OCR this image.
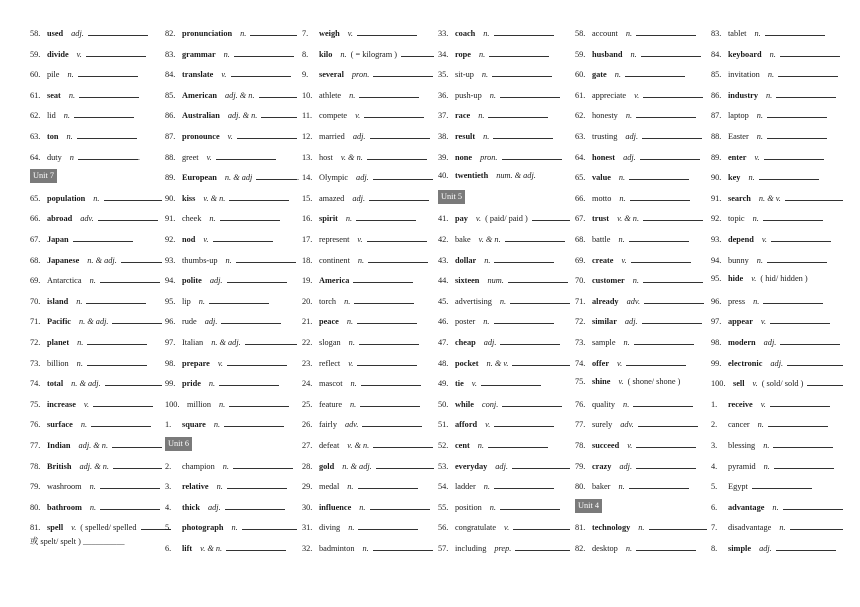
58. used adj.
59. divide v.
60. pile n.
61. seat n.
62. lid n.
63. ton n.
64. duty n	.
Unit 7
65. population n.
66. abroad adv.
67. Japan
68. Japanese n. & adj.
69. Antarctica n.
70. island n.
71. Pacific n. & adj.
72. planet n.
73. billion n.
74. total n. & adj.
75. increase v.
76. surface n.
77. Indian adj. & n.
78. British adj. & n.
79. washroom n.
80. bathroom n.
81. spell v. ( spelled/ spelled
或 spelt/ spelt ) __________
82. pronunciation n.
83. grammar n.
84. translate v.
85. American adj. & n.
86. Australian adj. & n.
87. pronounce v.
88. greet v.
89. European n. & adj	.
90. kiss v. & n.
91. cheek n.
92. nod v.
93. thumbs-up n.
94. polite adj.
95. lip n.
96. rude adj.
97. Italian n. & adj.
98. prepare v.
99. pride n.
100. million n.
1. square n.
Unit 6
2. champion n.
3. relative n.
4. thick adj.
5. photograph n.
6. lift v. & n.
7. weigh v.
8. kilo n. ( = kilogram )
9. several pron.
10. athlete n.
11. compete v.
12. married adj.
13. host v. & n.
14. Olympic adj.
15. amazed adj.
16. spirit n.
17. represent v.
18. continent n.
19. America
20. torch n.
21. peace n.
22. slogan n.
23. reflect v.
24. mascot n.
25. feature n.
26. fairly adv.
27. defeat v. & n.
28. gold n. & adj.
29. medal n.
30. influence n.
31. diving n.
32. badminton n.
33. coach n.
34. rope n.
35. sit-up n.
36. push-up n.
37. race n.
38. result n.
39. none pron.
40. twentieth num. & adj.
Unit 5
41. pay v. ( paid/ paid )
42. bake v. & n.
43. dollar n.
44. sixteen num.
45. advertising n.
46. poster n.
47. cheap adj.
48. pocket n. & v.
49. tie v.
50. while conj.
51. afford v.
52. cent n.
53. everyday adj.
54. ladder n.
55. position n.
56. congratulate v.
57. including prep.
58. account n.
59. husband n.
60. gate n.
61. appreciate v.
62. honesty n.
63. trusting adj.
64. honest adj.
65. value n.
66. motto n.
67. trust v. & n.
68. battle n.
69. create v.
70. customer n.
71. already adv.
72. similar adj.
73. sample n.
74. offer v.
75. shine v. ( shone/ shone )
76. quality n.
77. surely adv.
78. succeed v.
79. crazy adj.
80. baker n.
Unit 4
81. technology n.
82. desktop n.
83. tablet n.
84. keyboard n.
85. invitation n.
86. industry n.
87. laptop n.
88. Easter n.
89. enter v.
90. key n.
91. search n. & v.
92. topic n.
93. depend v.
94. bunny n.
95. hide v. ( hid/ hidden )
96. press n.
97. appear v.
98. modern adj.
99. electronic adj.
100. sell v. ( sold/ sold )
1. receive v.
2. cancer n.
3. blessing n.
4. pyramid n.
5. Egypt
6. advantage n.
7. disadvantage n.
8. simple adj.
